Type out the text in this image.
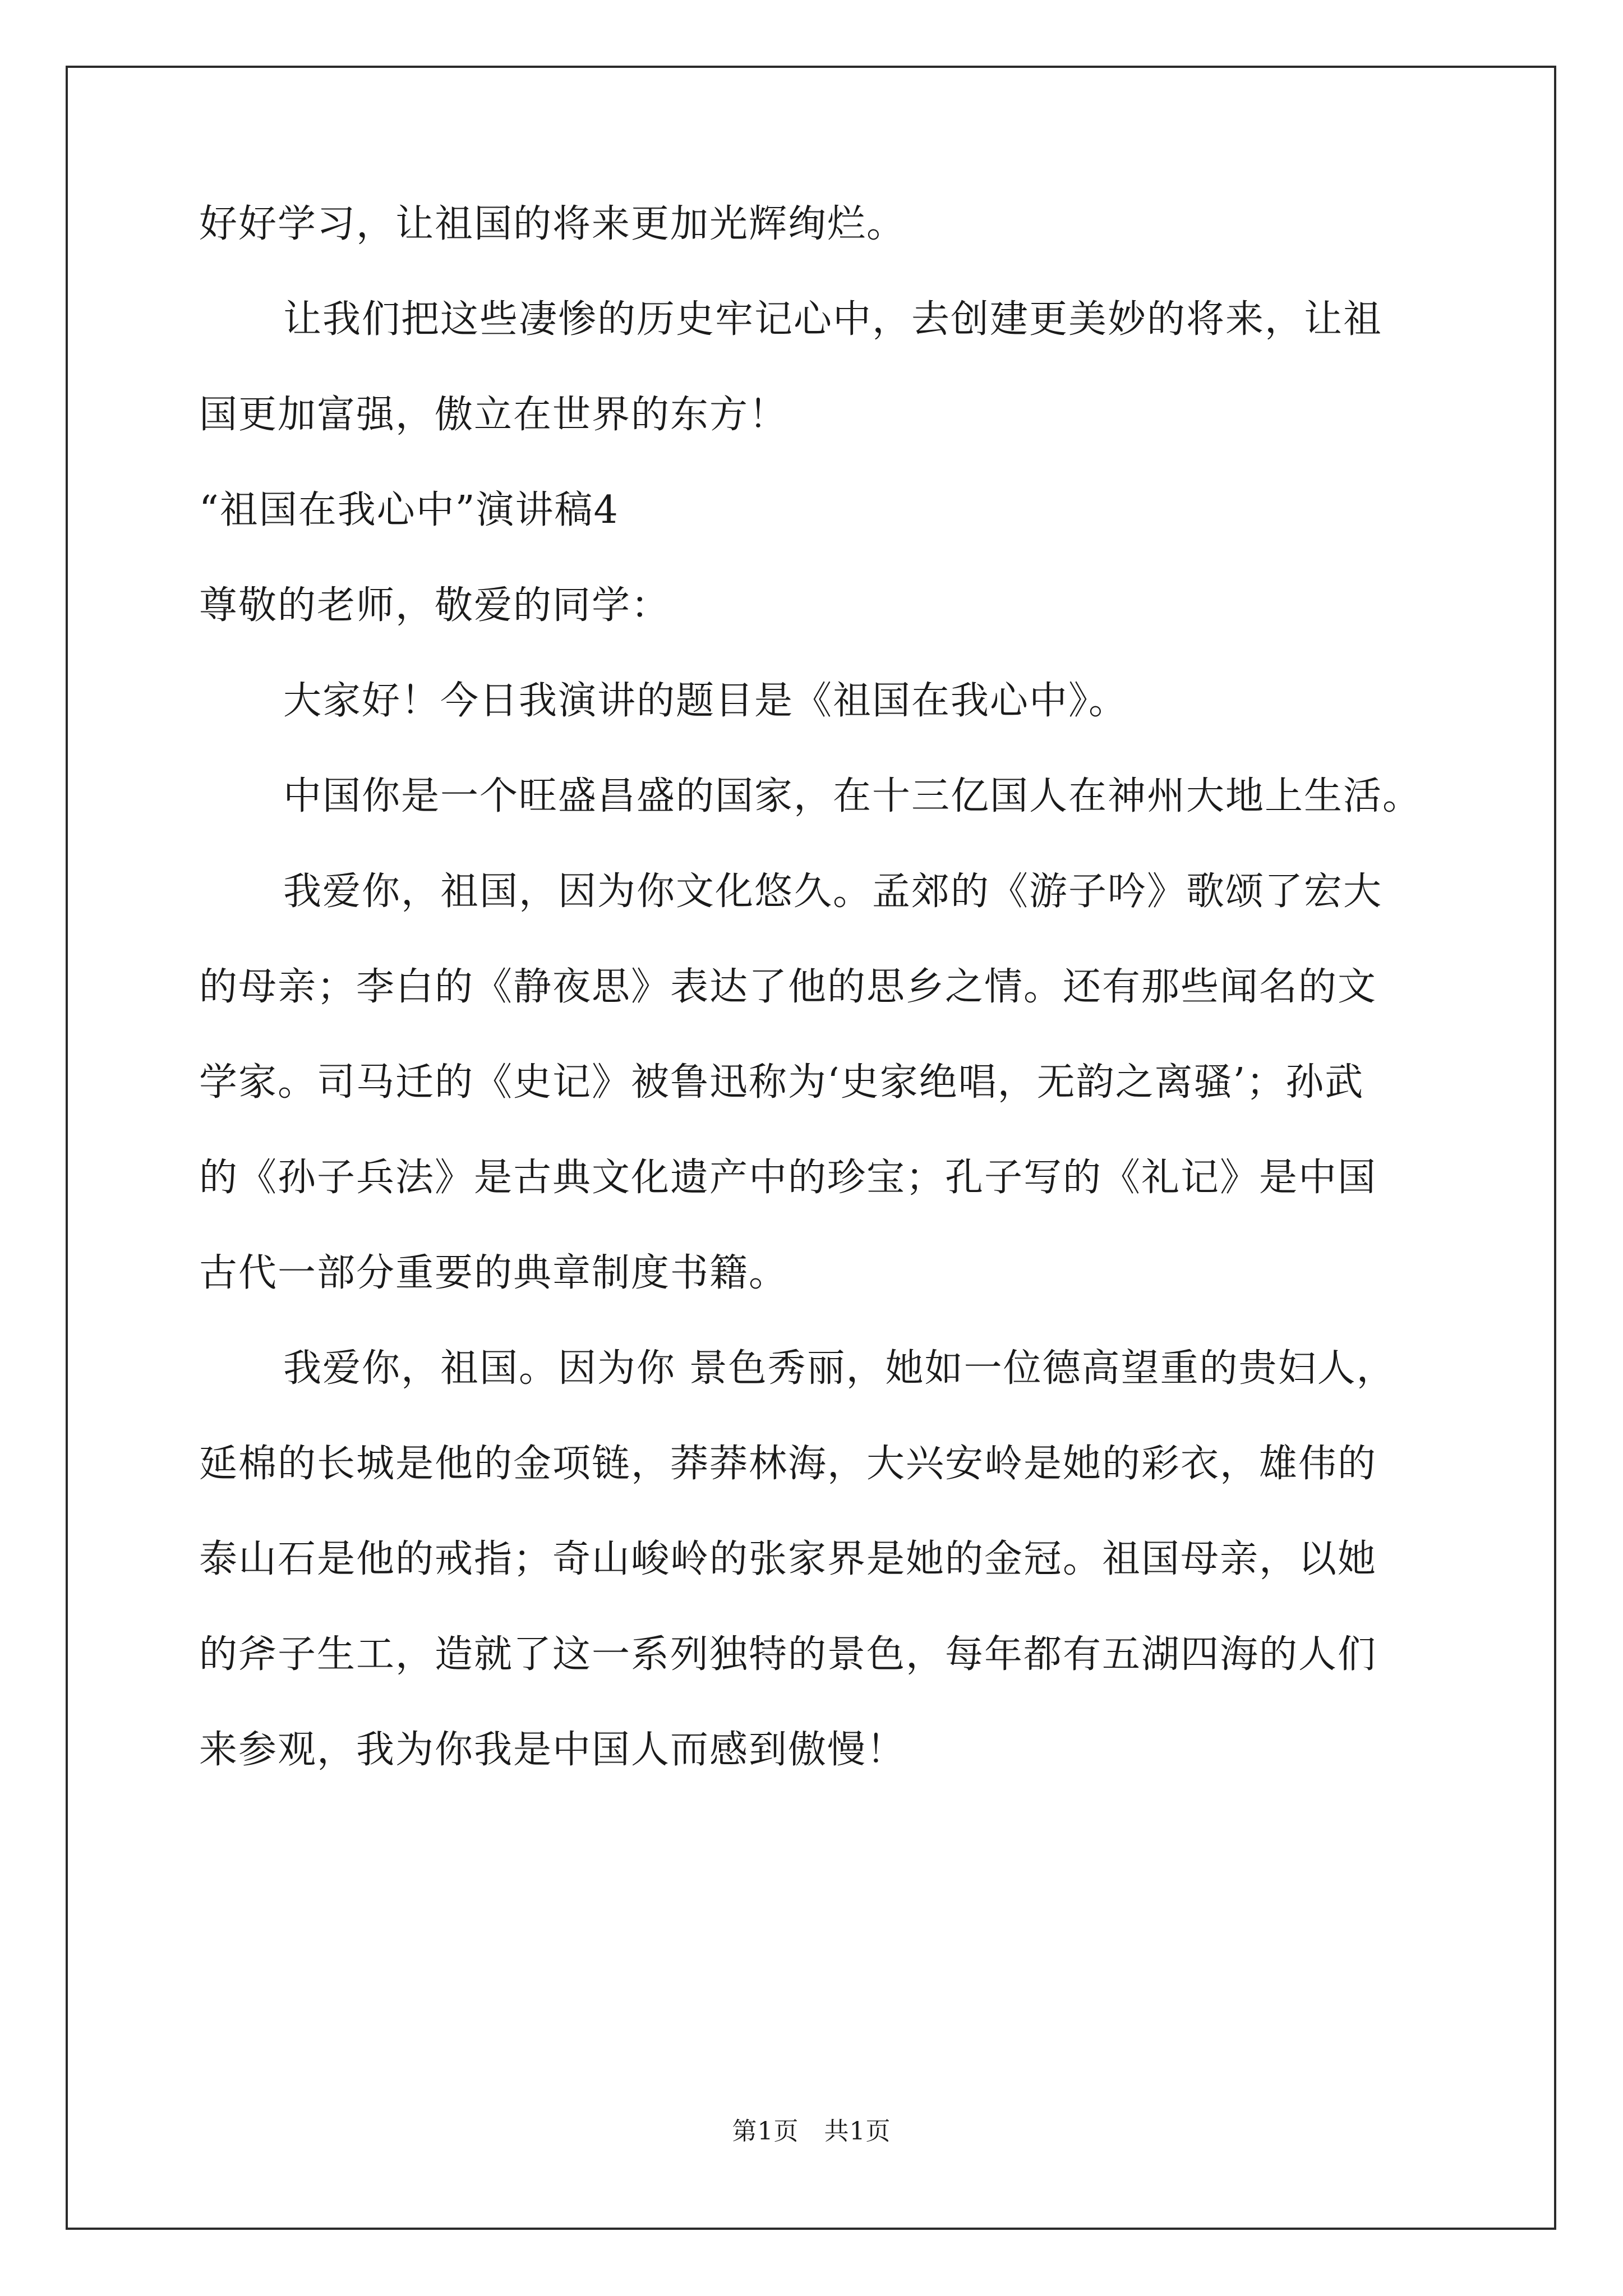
好好学习，让祖国的将来更加光辉绚烂。
让我们把这些凄惨的历史牢记心中，去创建更美妙的将来，让祖
国更加富强，傲立在世界的东方！
“祖国在我心中”演讲稿4
尊敬的老师，敬爱的同学：
大家好！今日我演讲的题目是《祖国在我心中》。
中国你是一个旺盛昌盛的国家，在十三亿国人在神州大地上生活。
我爱你，祖国，因为你文化悠久。孟郊的《游子吟》歌颂了宏大
的母亲；李白的《静夜思》表达了他的思乡之情。还有那些闻名的文
学家。司马迁的《史记》被鲁迅称为‘史家绝唱，无韵之离骚’；孙武
的《孙子兵法》是古典文化遗产中的珍宝；孔子写的《礼记》是中国
古代一部分重要的典章制度书籍。
我爱你，祖国。因为你 景色秀丽，她如一位德高望重的贵妇人，
延棉的长城是他的金项链，莽莽林海，大兴安岭是她的彩衣，雄伟的
泰山石是他的戒指；奇山峻岭的张家界是她的金冠。祖国母亲，以她
的斧子生工，造就了这一系列独特的景色，每年都有五湖四海的人们
来参观，我为你我是中国人而感到傲慢！
第1页　共1页
